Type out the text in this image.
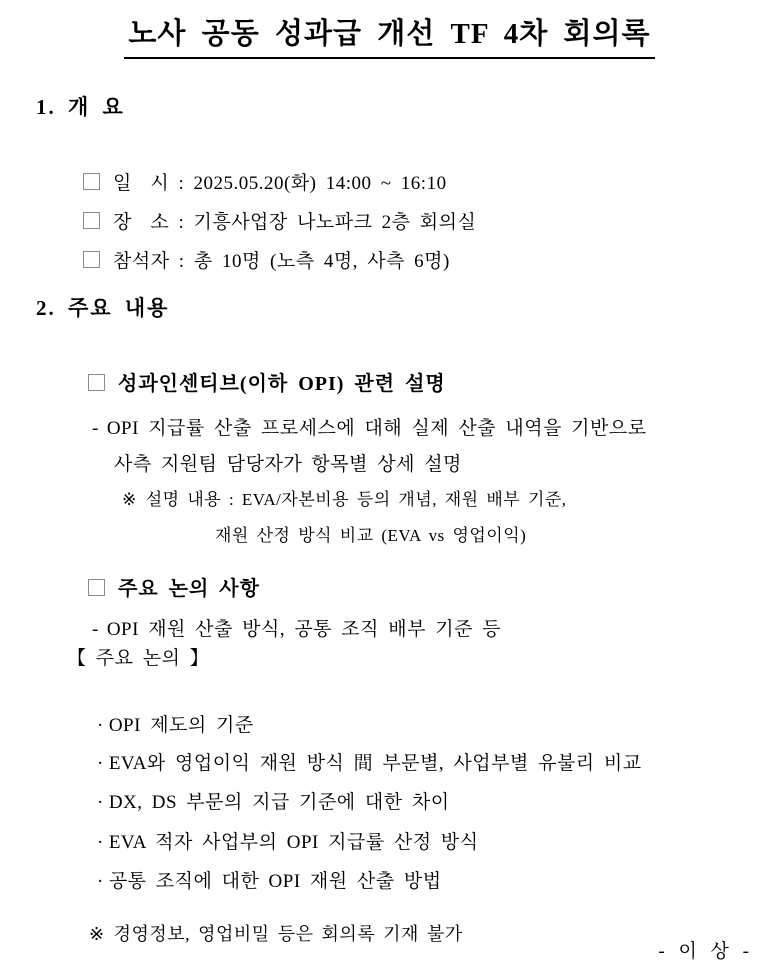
노사 공동 성과급 개선 TF 4차 회의록
1. 개 요

일  시 : 2025.05.20(화) 14:00 ~ 16:10

장  소 : 기흥사업장 나노파크 2층 회의실

참석자 : 총 10명 (노측 4명, 사측 6명)

2. 주요 내용

성과인센티브(이하 OPI) 관련 설명

- OPI 지급률 산출 프로세스에 대해 실제 산출 내역을 기반으로

사측 지원팀 담당자가 항목별 상세 설명

※ 설명 내용 : EVA/자본비용 등의 개념, 재원 배부 기준,

재원 산정 방식 비교 (EVA vs 영업이익)

주요 논의 사항

- OPI 재원 산출 방식, 공통 조직 배부 기준 등

【 주요 논의 】

· OPI 제도의 기준

· EVA와 영업이익 재원 방식 間 부문별, 사업부별 유불리 비교

· DX, DS 부문의 지급 기준에 대한 차이

· EVA 적자 사업부의 OPI 지급률 산정 방식

· 공통 조직에 대한 OPI 재원 산출 방법

※ 경영정보, 영업비밀 등은 회의록 기재 불가

- 이 상 -
